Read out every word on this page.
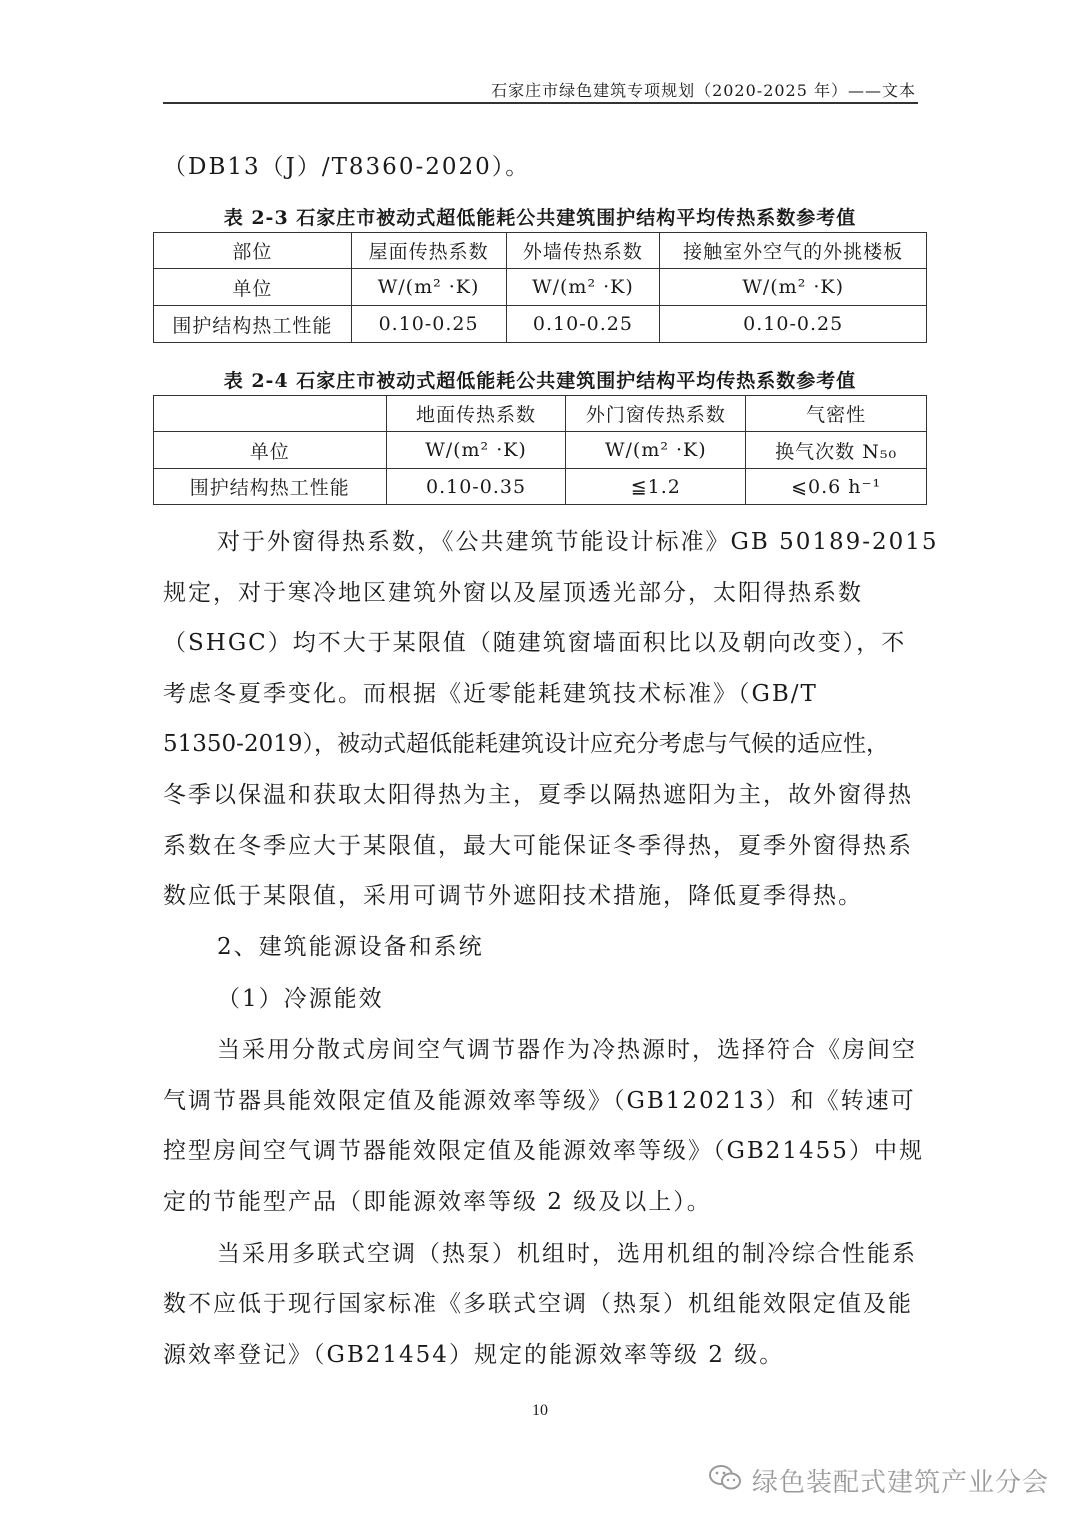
石家庄市绿色建筑专项规划（2020-2025 年）——文本
（DB13（J）/T8360-2020）。
表 2-3 石家庄市被动式超低能耗公共建筑围护结构平均传热系数参考值
部位	屋面传热系数	外墙传热系数	接触室外空气的外挑楼板
单位	W/(m² ·K)	W/(m² ·K)	W/(m² ·K)
围护结构热工性能	0.10-0.25	0.10-0.25	0.10-0.25
表 2-4 石家庄市被动式超低能耗公共建筑围护结构平均传热系数参考值
	地面传热系数	外门窗传热系数	气密性
单位	W/(m² ·K)	W/(m² ·K)	换气次数 N₅₀
围护结构热工性能	0.10-0.35	≦1.2	⩽0.6 h⁻¹
对于外窗得热系数，《公共建筑节能设计标准》GB 50189-2015
规定，对于寒冷地区建筑外窗以及屋顶透光部分，太阳得热系数
（SHGC）均不大于某限值（随建筑窗墙面积比以及朝向改变），不
考虑冬夏季变化。而根据《近零能耗建筑技术标准》（GB/T
51350-2019），被动式超低能耗建筑设计应充分考虑与气候的适应性，
冬季以保温和获取太阳得热为主，夏季以隔热遮阳为主，故外窗得热
系数在冬季应大于某限值，最大可能保证冬季得热，夏季外窗得热系
数应低于某限值，采用可调节外遮阳技术措施，降低夏季得热。
2、建筑能源设备和系统
（1）冷源能效
当采用分散式房间空气调节器作为冷热源时，选择符合《房间空
气调节器具能效限定值及能源效率等级》（GB120213）和《转速可
控型房间空气调节器能效限定值及能源效率等级》（GB21455）中规
定的节能型产品（即能源效率等级 2 级及以上）。
当采用多联式空调（热泵）机组时，选用机组的制冷综合性能系
数不应低于现行国家标准《多联式空调（热泵）机组能效限定值及能
源效率登记》（GB21454）规定的能源效率等级 2 级。
10
绿色装配式建筑产业分会
